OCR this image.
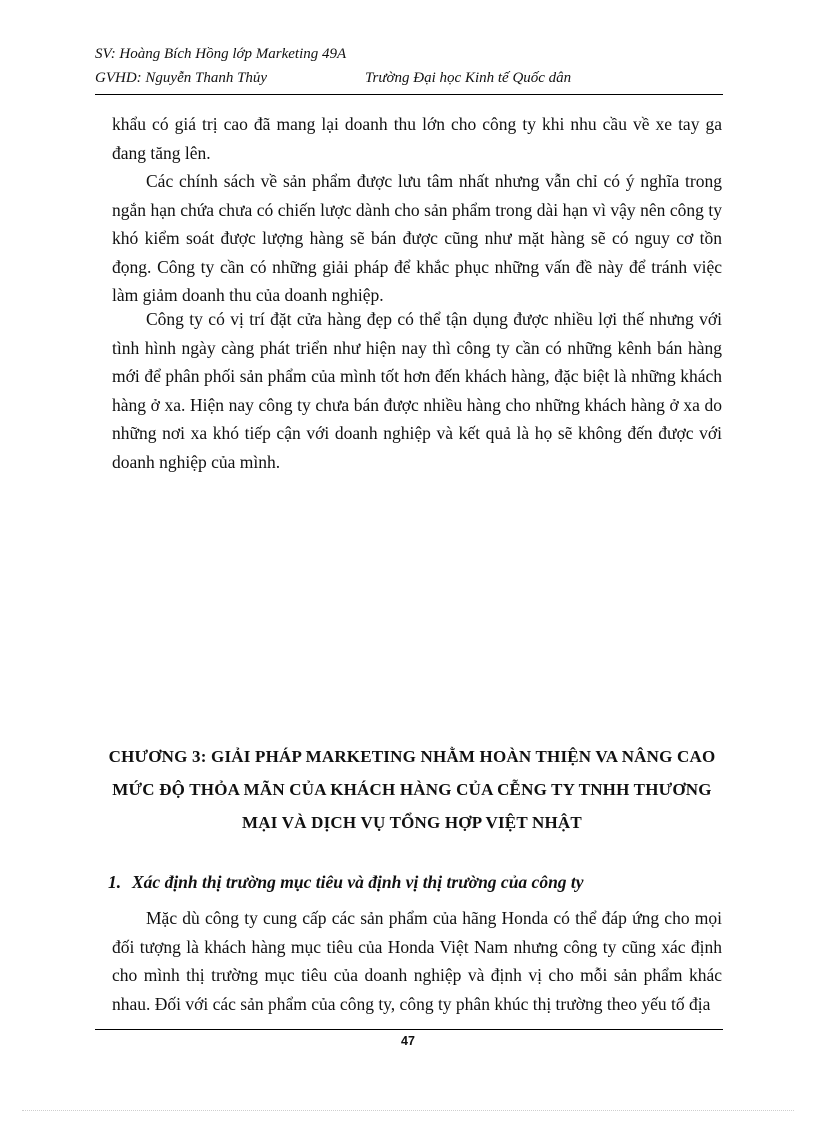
SV: Hoàng Bích Hồng lớp Marketing 49A
GVHD: Nguyễn Thanh Thủy	Trường Đại học Kinh tế Quốc dân

khẩu có giá trị cao đã mang lại doanh thu lớn cho công ty khi nhu cầu về xe tay ga đang tăng lên.

Các chính sách về sản phẩm được lưu tâm nhất nhưng vẫn chỉ có ý nghĩa trong ngắn hạn chứa chưa có chiến lược dành cho sản phẩm trong dài hạn vì vậy nên công ty khó kiểm soát được lượng hàng sẽ bán được cũng như mặt hàng sẽ có nguy cơ tồn đọng. Công ty cần có những giải pháp để khắc phục những vấn đề này để tránh việc làm giảm doanh thu của doanh nghiệp.

Công ty có vị trí đặt cửa hàng đẹp có thể tận dụng được nhiều lợi thế nhưng với tình hình ngày càng phát triển như hiện nay thì công ty cần có những kênh bán hàng mới để phân phối sản phẩm của mình tốt hơn đến khách hàng, đặc biệt là những khách hàng ở xa. Hiện nay công ty chưa bán được nhiều hàng cho những khách hàng ở xa do những nơi xa khó tiếp cận với doanh nghiệp và kết quả là họ sẽ không đến được với doanh nghiệp của mình.

CHƯƠNG 3: GIẢI PHÁP MARKETING NHẰM HOÀN THIỆN VA NÂNG CAO
MỨC ĐỘ THỎA MÃN CỦA KHÁCH HÀNG CỦA CỄNG TY TNHH THƯƠNG
MẠI VÀ DỊCH VỤ TỔNG HỢP VIỆT NHẬT
1. Xác định thị trường mục tiêu và định vị thị trường của công ty

Mặc dù công ty cung cấp các sản phẩm của hãng Honda có thể đáp ứng cho mọi đối tượng là khách hàng mục tiêu của Honda Việt Nam nhưng công ty cũng xác định cho mình thị trường mục tiêu của doanh nghiệp và định vị cho mỗi sản phẩm khác nhau. Đối với các sản phẩm của công ty, công ty phân khúc thị trường theo yếu tố địa

47
